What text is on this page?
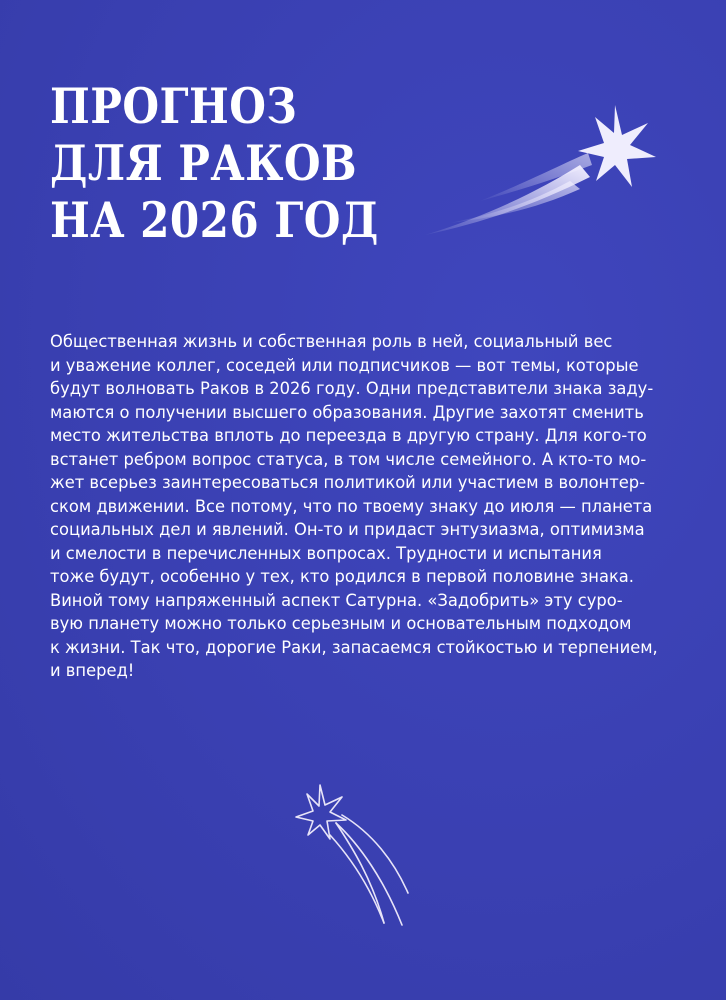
ПРОГНОЗ
ДЛЯ РАКОВ
НА 2026 ГОД
Общественная жизнь и собственная роль в ней, социальный вес
и уважение коллег, соседей или подписчиков — вот темы, которые
будут волновать Раков в 2026 году. Одни представители знака заду-
маются о получении высшего образования. Другие захотят сменить
место жительства вплоть до переезда в другую страну. Для кого-то
встанет ребром вопрос статуса, в том числе семейного. А кто-то мо-
жет всерьез заинтересоваться политикой или участием в волонтер-
ском движении. Все потому, что по твоему знаку до июля — планета
социальных дел и явлений. Он-то и придаст энтузиазма, оптимизма
и смелости в перечисленных вопросах. Трудности и испытания
тоже будут, особенно у тех, кто родился в первой половине знака.
Виной тому напряженный аспект Сатурна. «Задобрить» эту суро-
вую планету можно только серьезным и основательным подходом
к жизни. Так что, дорогие Раки, запасаемся стойкостью и терпением,
и вперед!
